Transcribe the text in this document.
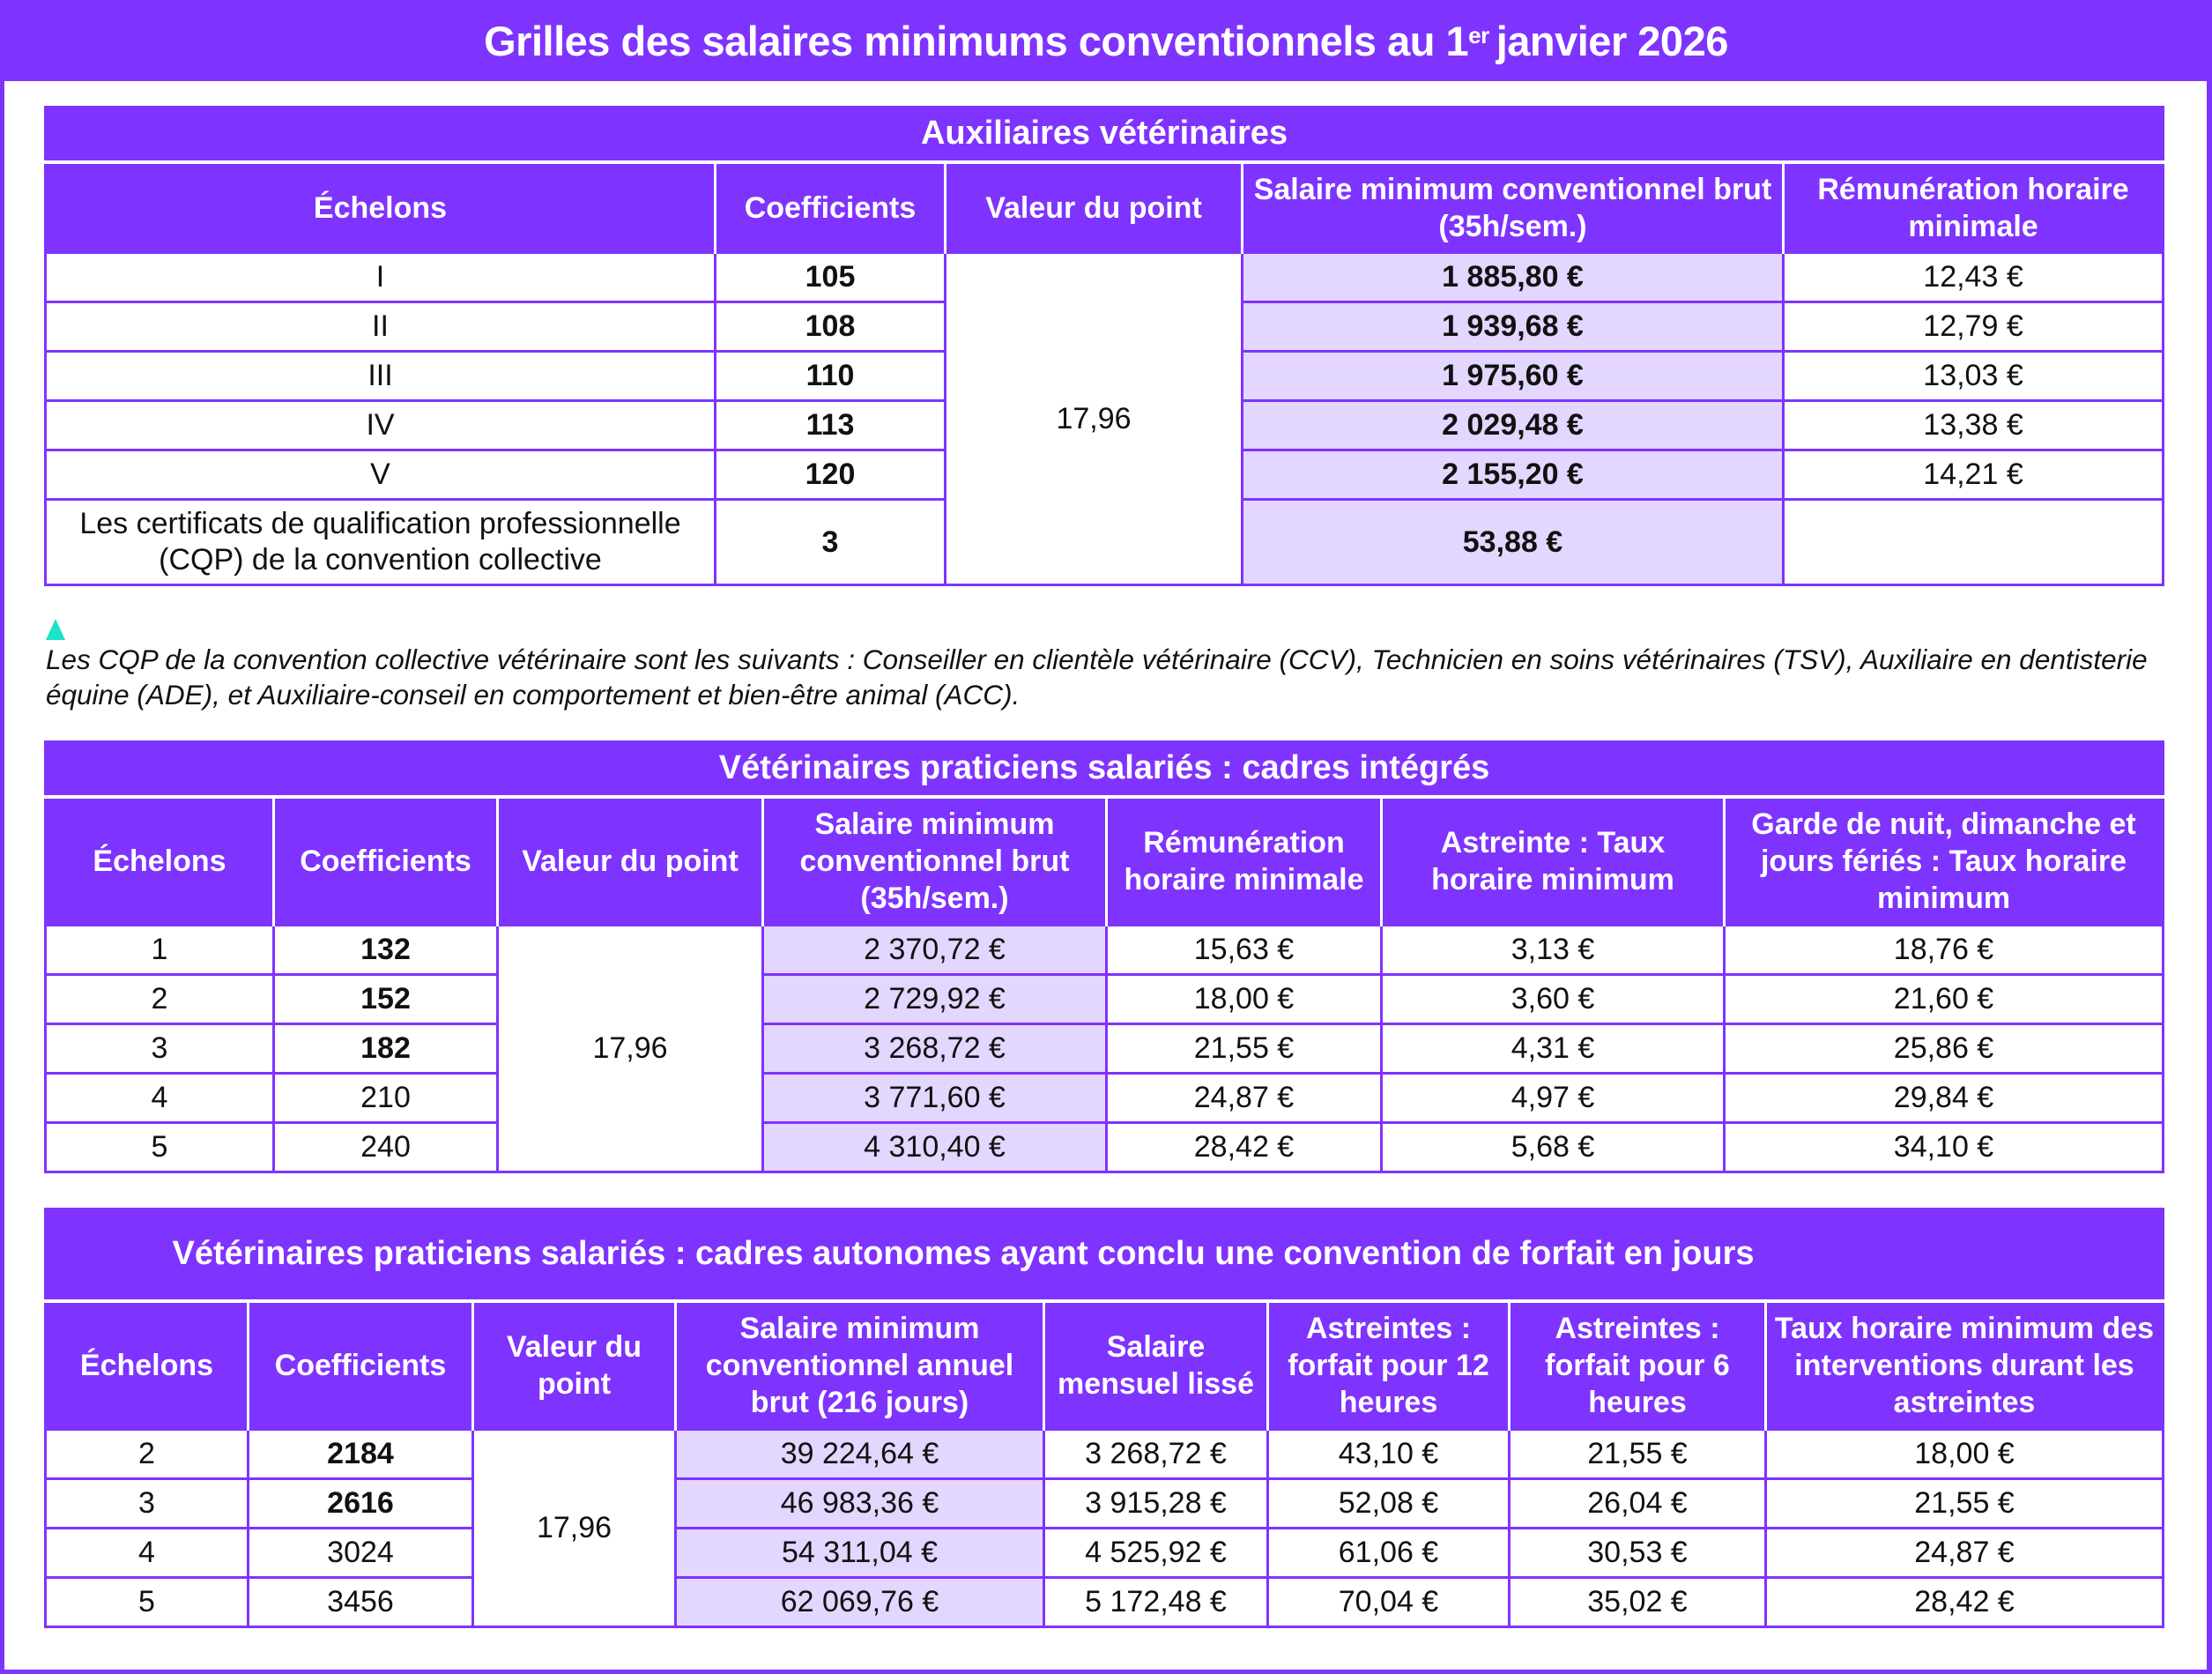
Grilles des salaires minimums conventionnels au 1er janvier 2026
Auxiliaires vétérinaires				
Échelons	Coefficients	Valeur du point	Salaire minimum conventionnel brut (35h/sem.)	Rémunération horaire minimale
I	105	17,96	1 885,80 €	12,43 €
II	108		1 939,68 €	12,79 €
III	110		1 975,60 €	13,03 €
IV	113		2 029,48 €	13,38 €
V	120		2 155,20 €	14,21 €
Les certificats de qualification professionnelle (CQP) de la convention collective	3		53,88 €	
Les CQP de la convention collective vétérinaire sont les suivants : Conseiller en clientèle vétérinaire (CCV), Technicien en soins vétérinaires (TSV), Auxiliaire en dentisterie équine (ADE), et Auxiliaire-conseil en comportement et bien-être animal (ACC).
Vétérinaires praticiens salariés : cadres intégrés						
Échelons	Coefficients	Valeur du point	Salaire minimum conventionnel brut (35h/sem.)	Rémunération horaire minimale	Astreinte : Taux horaire minimum	Garde de nuit, dimanche et jours fériés : Taux horaire minimum
1	132	17,96	2 370,72 €	15,63 €	3,13 €	18,76 €
2	152		2 729,92 €	18,00 €	3,60 €	21,60 €
3	182		3 268,72 €	21,55 €	4,31 €	25,86 €
4	210		3 771,60 €	24,87 €	4,97 €	29,84 €
5	240		4 310,40 €	28,42 €	5,68 €	34,10 €
Vétérinaires praticiens salariés : cadres autonomes ayant conclu une convention de forfait en jours							
Échelons	Coefficients	Valeur du point	Salaire minimum conventionnel annuel brut (216 jours)	Salaire mensuel lissé	Astreintes : forfait pour 12 heures	Astreintes : forfait pour 6 heures	Taux horaire minimum des interventions durant les astreintes
2	2184	17,96	39 224,64 €	3 268,72 €	43,10 €	21,55 €	18,00 €
3	2616		46 983,36 €	3 915,28 €	52,08 €	26,04 €	21,55 €
4	3024		54 311,04 €	4 525,92 €	61,06 €	30,53 €	24,87 €
5	3456		62 069,76 €	5 172,48 €	70,04 €	35,02 €	28,42 €
